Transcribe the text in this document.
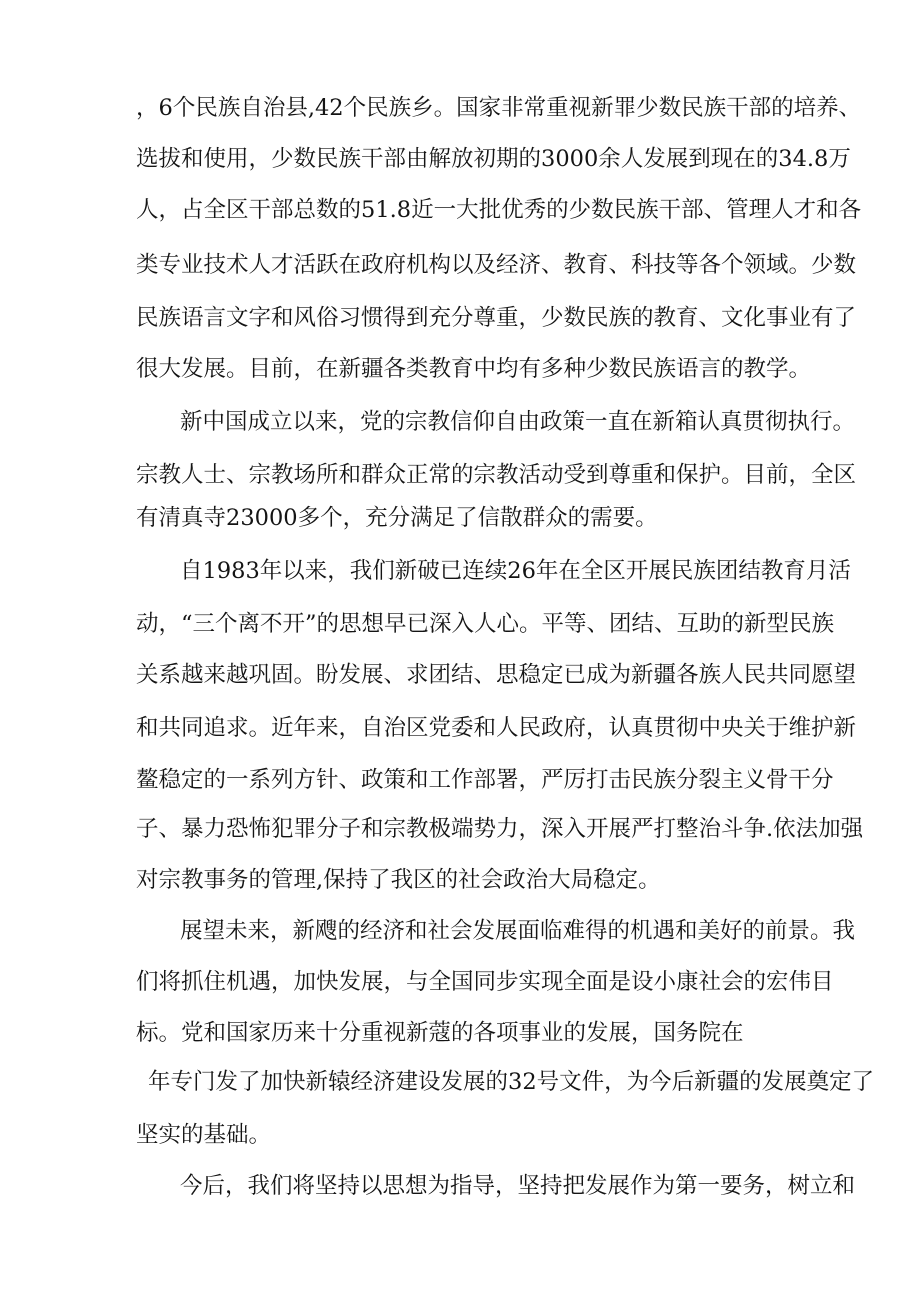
，6个民族自治县,42个民族乡。国家非常重视新罪少数民族干部的培养、
选拔和使用，少数民族干部由解放初期的3000余人发展到现在的34.8万
人，占全区干部总数的51.8近一大批优秀的少数民族干部、管理人才和各
类专业技术人才活跃在政府机构以及经济、教育、科技等各个领域。少数
民族语言文字和风俗习惯得到充分尊重，少数民族的教育、文化事业有了
很大发展。目前，在新疆各类教育中均有多种少数民族语言的教学。
新中国成立以来，党的宗教信仰自由政策一直在新箱认真贯彻执行。
宗教人士、宗教场所和群众正常的宗教活动受到尊重和保护。目前，全区
有清真寺23000多个，充分满足了信散群众的需要。
自1983年以来，我们新破已连续26年在全区开展民族团结教育月活
动，“三个离不开”的思想早已深入人心。平等、团结、互助的新型民族
关系越来越巩固。盼发展、求团结、思稳定已成为新疆各族人民共同愿望
和共同追求。近年来，自治区党委和人民政府，认真贯彻中央关于维护新
鳌稳定的一系列方针、政策和工作部署，严厉打击民族分裂主义骨干分
子、暴力恐怖犯罪分子和宗教极端势力，深入开展严打整治斗争.依法加强
对宗教事务的管理,保持了我区的社会政治大局稳定。
展望未来，新飕的经济和社会发展面临难得的机遇和美好的前景。我
们将抓住机遇，加快发展，与全国同步实现全面是设小康社会的宏伟目
标。党和国家历来十分重视新蔻的各项事业的发展，国务院在
年专门发了加快新辕经济建设发展的32号文件，为今后新疆的发展奠定了
坚实的基础。
今后，我们将坚持以思想为指导，坚持把发展作为第一要务，树立和
